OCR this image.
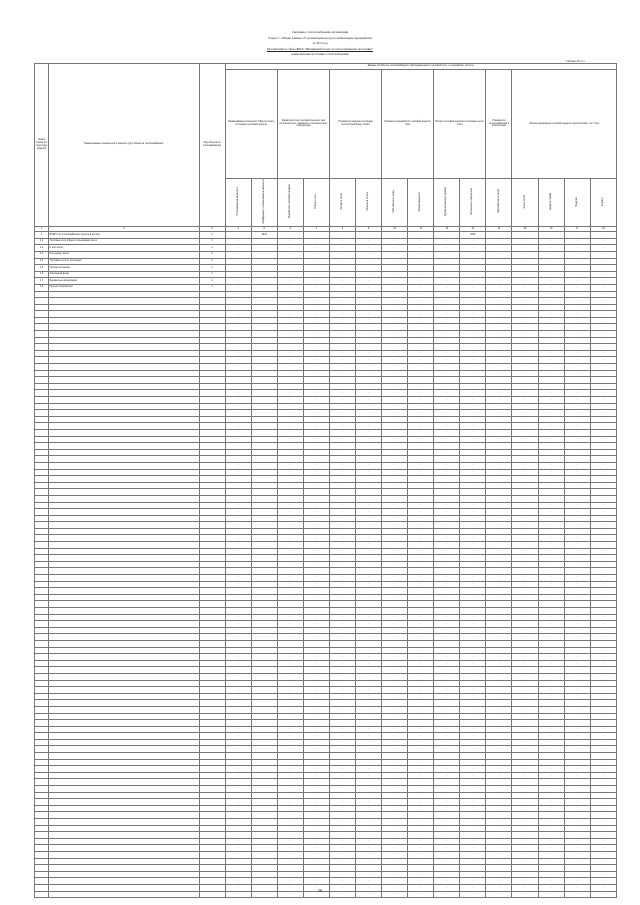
Сведения о теплоснабжении организации
Раздел 1. Общие данные об организации-ресурсоснабжающем предприятии
за 2019 год
Организация в сфере ЖКХ "Жилищный ресурс и теплоснабжение населения"
наименование источника теплоснабжения
Таблица № 2.1
Номер строки (по структуре) раздела	Наименование показателей в разрезе групп объектов теплоснабжения	Код объекта по классификатору	Данные об объекте теплоснабжения, присоединенном к тепловой сети, и о выработке теплоты														
			Наименование котельной, ТЭЦ или иного источника тепловой энергии		Характеристики тепловой энергии: вид теплоносителя, параметры теплоносителя, температура		Показатели нагрузки по видам теплопотребления, Гкал/ч		Показатели выработки тепловой энергии, Гкал		Потери тепловой энергии в тепловых сетях, Гкал		Показатели теплоснабжения и потребления	Объем реализации тепловой энергии потребителям, тыс. Гкал			
			Установленная мощность	Коэффициент использования мощности	Выработано тепловой энергии	Отпуск в сеть	Потери в сетях	Полезный отпуск	Собственные нужды	Резерв мощности	Удельный расход топлива	Численность персонала	Протяженность сетей	Износ сетей	Средний тариф	Выручка	Затраты
1	2	3	4	5	6	7	8	9	10	11	12	13	14	15	16	17	18
1	ВСЕГО по теплоснабжению (группа в целом)	1	..	1841	..	..	..	..	..	..	..	1842	..	..	..	..	..
1.1	Тепловые сети общего пользования, всего	1	..	..	..	..	..	..	..	..	..	..	..	..	..	..	..
1.2	в том числе:	1	..	..	..	..	..	..	..	..	..	..	..	..	..	..	..
1.3	Котельные, всего	2	..	..	..	..	..	..	..	..	..	..	..	..	..	..	..
1.4	Тепловые сети от котельных	1	..	..	..	..	..	..	..	..	..	..	..	..	..	..	..
1.5	Прочие источники	1	..	..	..	..	..	..	..	..	..	..	..	..	..	..	..
1.6	Жилищный фонд	1	..	..	..	..	..	..	..	..	..	..	..	..	..	..	..
1.7	Бюджетные организации	1	..	..	..	..	..	..	..	..	..	..	..	..	..	..	..
1.8	Прочие потребители	1	..	..	..	..	..	..	..	..	..	..	..	..	..	..	..
			..	..	..	..	..	..	..	..	..	..	..	..	..	..	..
			..	..	..	..	..	..	..	..	..	..	..	..	..	..	..
			..	..	..	..	..	..	..	..	..	..	..	..	..	..	..
			..	..	..	..	..	..	..	..	..	..	..	..	..	..	..
			..	..	..	..	..	..	..	..	..	..	..	..	..	..	..
			..	..	..	..	..	..	..	..	..	..	..	..	..	..	..
			..	..	..	..	..	..	..	..	..	..	..	..	..	..	..
			..	..	..	..	..	..	..	..	..	..	..	..	..	..	..
			..	..	..	..	..	..	..	..	..	..	..	..	..	..	..
			..	..	..	..	..	..	..	..	..	..	..	..	..	..	..
			..	..	..	..	..	..	..	..	..	..	..	..	..	..	..
			..	..	..	..	..	..	..	..	..	..	..	..	..	..	..
			..	..	..	..	..	..	..	..	..	..	..	..	..	..	..
			..	..	..	..	..	..	..	..	..	..	..	..	..	..	..
			..	..	..	..	..	..	..	..	..	..	..	..	..	..	..
			..	..	..	..	..	..	..	..	..	..	..	..	..	..	..
			..	..	..	..	..	..	..	..	..	..	..	..	..	..	..
			..	..	..	..	..	..	..	..	..	..	..	..	..	..	..
			..	..	..	..	..	..	..	..	..	..	..	..	..	..	..
			..	..	..	..	..	..	..	..	..	..	..	..	..	..	..
			..	..	..	..	..	..	..	..	..	..	..	..	..	..	..
			..	..	..	..	..	..	..	..	..	..	..	..	..	..	..
			..	..	..	..	..	..	..	..	..	..	..	..	..	..	..
			..	..	..	..	..	..	..	..	..	..	..	..	..	..	..
			..	..	..	..	..	..	..	..	..	..	..	..	..	..	..
			..	..	..	..	..	..	..	..	..	..	..	..	..	..	..
			..	..	..	..	..	..	..	..	..	..	..	..	..	..	..
			..	..	..	..	..	..	..	..	..	..	..	..	..	..	..
			..	..	..	..	..	..	..	..	..	..	..	..	..	..	..
			..	..	..	..	..	..	..	..	..	..	..	..	..	..	..
			..	..	..	..	..	..	..	..	..	..	..	..	..	..	..
			..	..	..	..	..	..	..	..	..	..	..	..	..	..	..
			..	..	..	..	..	..	..	..	..	..	..	..	..	..	..
			..	..	..	..	..	..	..	..	..	..	..	..	..	..	..
			..	..	..	..	..	..	..	..	..	..	..	..	..	..	..
			..	..	..	..	..	..	..	..	..	..	..	..	..	..	..
			..	..	..	..	..	..	..	..	..	..	..	..	..	..	..
			..	..	..	..	..	..	..	..	..	..	..	..	..	..	..
			..	..	..	..	..	..	..	..	..	..	..	..	..	..	..
			..	..	..	..	..	..	..	..	..	..	..	..	..	..	..
			..	..	..	..	..	..	..	..	..	..	..	..	..	..	..
			..	..	..	..	..	..	..	..	..	..	..	..	..	..	..
			..	..	..	..	..	..	..	..	..	..	..	..	..	..	..
			..	..	..	..	..	..	..	..	..	..	..	..	..	..	..
			..	..	..	..	..	..	..	..	..	..	..	..	..	..	..
			..	..	..	..	..	..	..	..	..	..	..	..	..	..	..
			..	..	..	..	..	..	..	..	..	..	..	..	..	..	..
			..	..	..	..	..	..	..	..	..	..	..	..	..	..	..
			..	..	..	..	..	..	..	..	..	..	..	..	..	..	..
			..	..	..	..	..	..	..	..	..	..	..	..	..	..	..
			..	..	..	..	..	..	..	..	..	..	..	..	..	..	..
			..	..	..	..	..	..	..	..	..	..	..	..	..	..	..
			..	..	..	..	..	..	..	..	..	..	..	..	..	..	..
			..	..	..	..	..	..	..	..	..	..	..	..	..	..	..
			..	..	..	..	..	..	..	..	..	..	..	..	..	..	..
			..	..	..	..	..	..	..	..	..	..	..	..	..	..	..
			..	..	..	..	..	..	..	..	..	..	..	..	..	..	..
			..	..	..	..	..	..	..	..	..	..	..	..	..	..	..
			..	..	..	..	..	..	..	..	..	..	..	..	..	..	..
			..	..	..	..	..	..	..	..	..	..	..	..	..	..	..
			..	..	..	..	..	..	..	..	..	..	..	..	..	..	..
			..	..	..	..	..	..	..	..	..	..	..	..	..	..	..
			..	..	..	..	..	..	..	..	..	..	..	..	..	..	..
			..	..	..	..	..	..	..	..	..	..	..	..	..	..	..
			..	..	..	..	..	..	..	..	..	..	..	..	..	..	..
			..	..	..	..	..	..	..	..	..	..	..	..	..	..	..
			..	..	..	..	..	..	..	..	..	..	..	..	..	..	..
			..	..	..	..	..	..	..	..	..	..	..	..	..	..	..
			..	..	..	..	..	..	..	..	..	..	..	..	..	..	..
			..	..	..	..	..	..	..	..	..	..	..	..	..	..	..
			..	..	..	..	..	..	..	..	..	..	..	..	..	..	..
			..	..	..	..	..	..	..	..	..	..	..	..	..	..	..
			..	..	..	..	..	..	..	..	..	..	..	..	..	..	..
			..	..	..	..	..	..	..	..	..	..	..	..	..	..	..
			..	..	..	..	..	..	..	..	..	..	..	..	..	..	..
			..	..	..	..	..	..	..	..	..	..	..	..	..	..	..
			..	..	..	..	..	..	..	..	..	..	..	..	..	..	..
			..	..	..	..	..	..	..	..	..	..	..	..	..	..	..
			..	..	..	..	..	..	..	..	..	..	..	..	..	..	..
			..	..	..	..	..	..	..	..	..	..	..	..	..	..	..
			..	..	..	..	..	..	..	..	..	..	..	..	..	..	..
			..	..	..	..	..	..	..	..	..	..	..	..	..	..	..
			..	..	..	..	..	..	..	..	..	..	..	..	..	..	..
			..	..	..	..	..	..	..	..	..	..	..	..	..	..	..
			..	..	..	..	..	..	..	..	..	..	..	..	..	..	..
			..	..	..	..	..	..	..	..	..	..	..	..	..	..	..
			..	..	..	..	..	..	..	..	..	..	..	..	..	..	..
			..	..	..	..	..	..	..	..	..	..	..	..	..	..	..
			..	..	..	..	..	..	..	..	..	..	..	..	..	..	..
			..	..	..	..	..	..	..	..	..	..	..	..	..	..	..
			..	..	..	..	..	..	..	..	..	..	..	..	..	..	..
			..	..	..	..	..	..	..	..	..	..	..	..	..	..	..
26
